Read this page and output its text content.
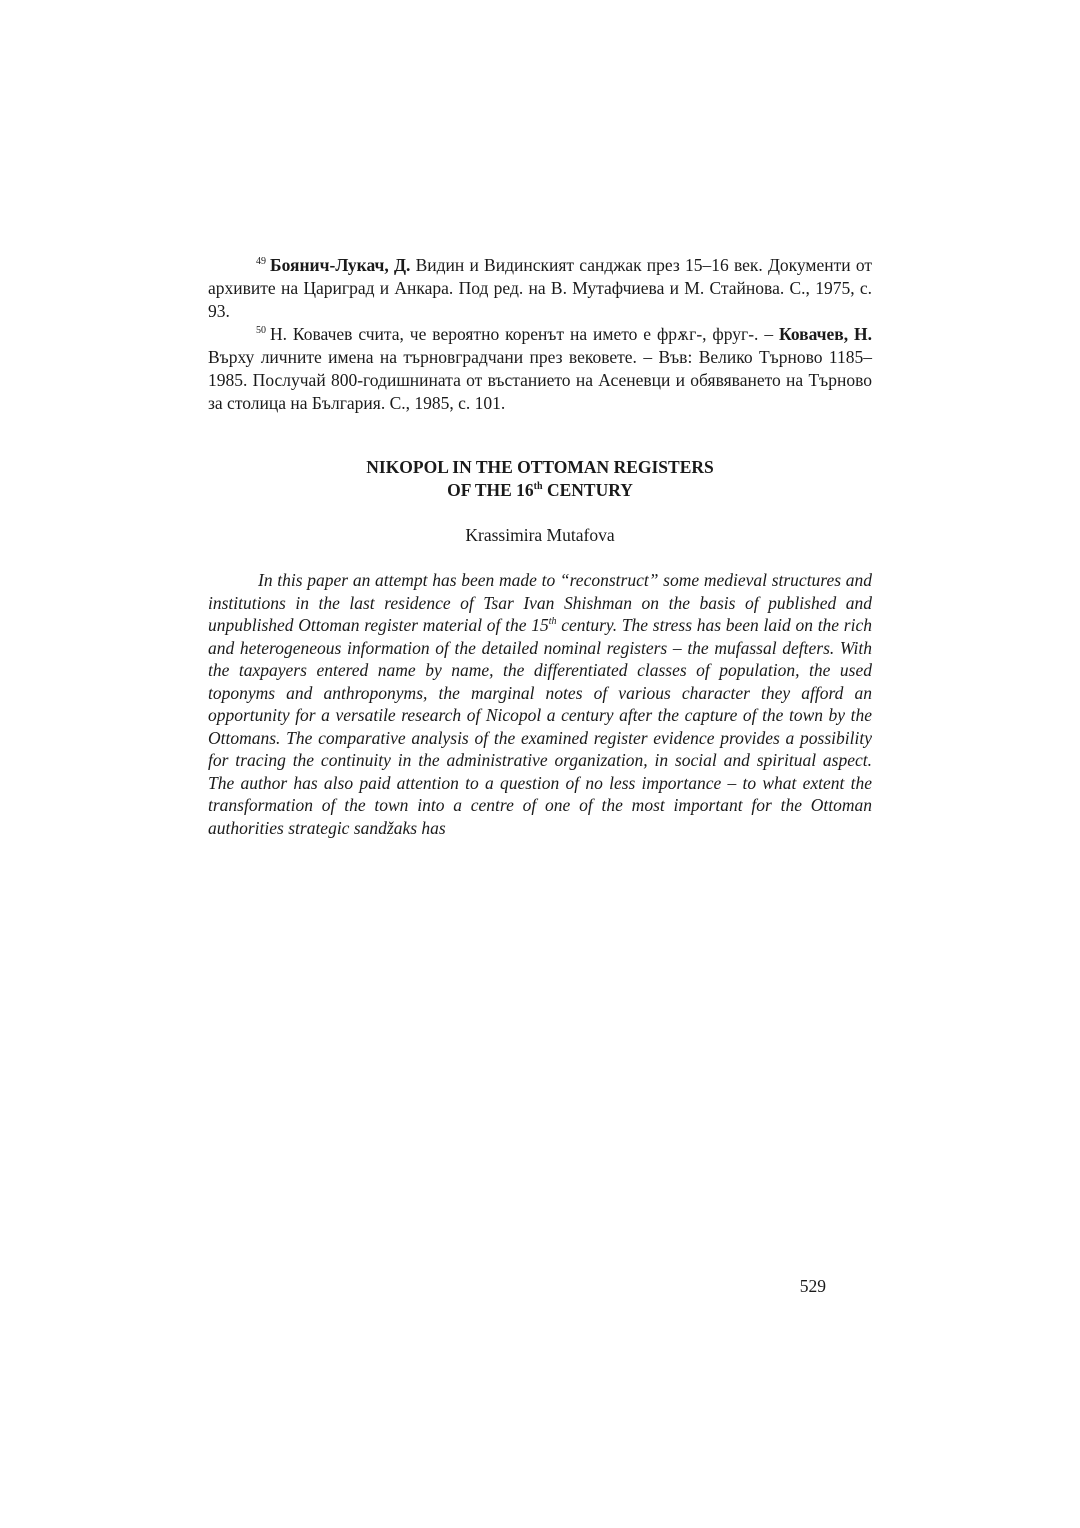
$^{49}$ Боянич-Лукач, Д. Видин и Видинският санджак през 15–16 век. Документи от архивите на Цариград и Анкара. Под ред. на В. Мутафчиева и М. Стайнова. С., 1975, с. 93.

$^{50}$ Н. Ковачев счита, че вероятно коренът на името е фрѫг-, фруг-. – Ковачев, Н. Върху личните имена на търновградчани през вековете. – Във: Велико Търново 1185–1985. Послучай 800-годишнината от въстанието на Асеневци и обявяването на Търново за столица на България. С., 1985, с. 101.

NIKOPOL IN THE OTTOMAN REGISTERS
OF THE 16th CENTURY
Krassimira Mutafova

In this paper an attempt has been made to “reconstruct” some medieval structures and institutions in the last residence of Tsar Ivan Shishman on the basis of published and unpublished Ottoman register material of the 15th century. The stress has been laid on the rich and heterogeneous information of the detailed nominal registers – the mufassal defters. With the taxpayers entered name by name, the differentiated classes of population, the used toponyms and anthroponyms, the marginal notes of various character they afford an opportunity for a versatile research of Nicopol a century after the capture of the town by the Ottomans. The comparative analysis of the examined register evidence provides a possibility for tracing the continuity in the administrative organization, in social and spiritual aspect. The author has also paid attention to a question of no less importance – to what extent the transformation of the town into a centre of one of the most important for the Ottoman authorities strategic sandžaks has

529
